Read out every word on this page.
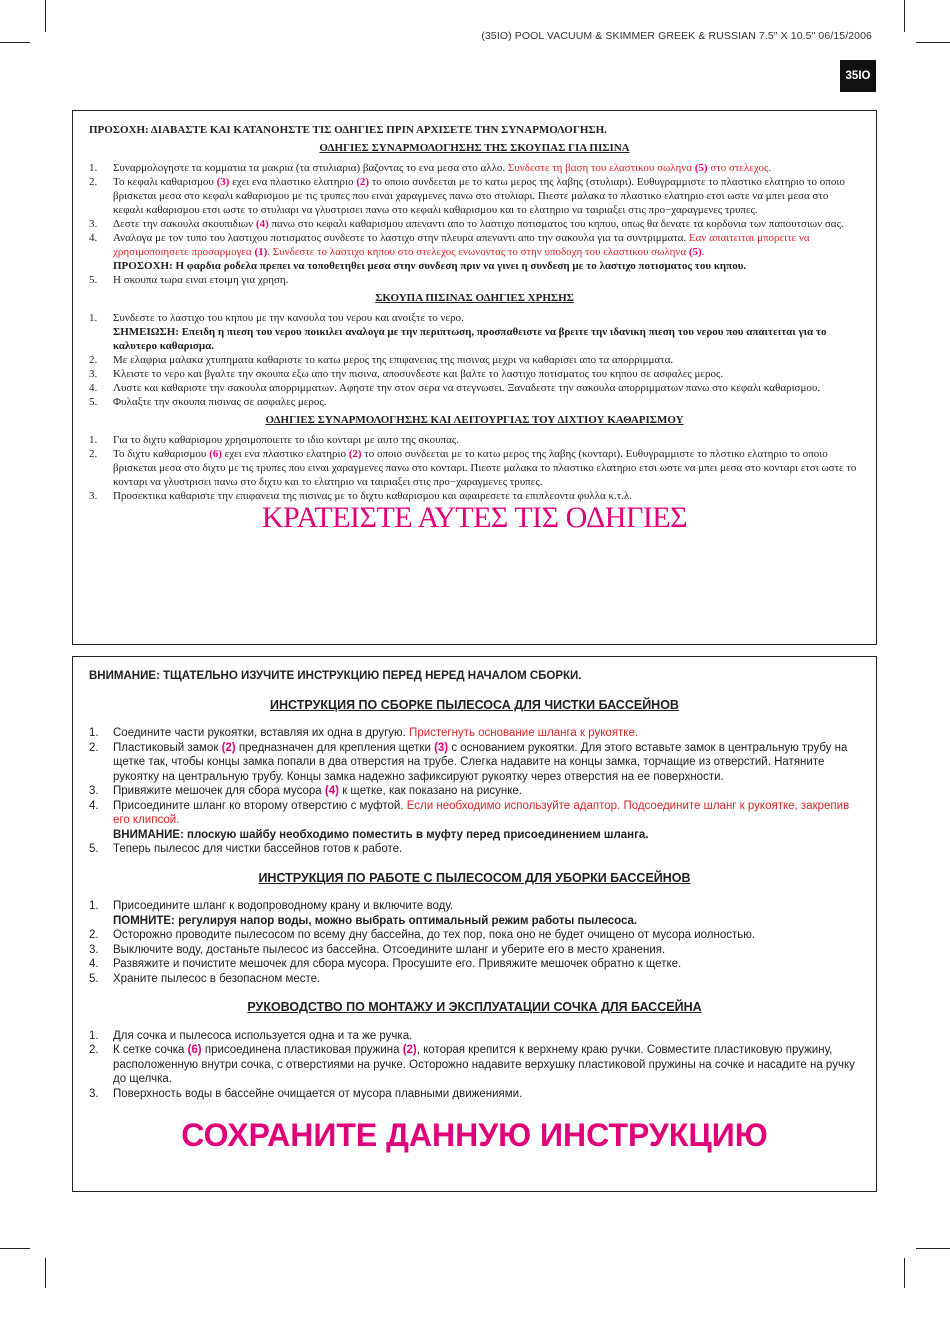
(35IO) POOL VACUUM & SKIMMER GREEK & RUSSIAN 7.5" X 10.5" 06/15/2006
35IO
ΠΡΟΣΟΧΗ: ΔΙΑΒΑΣΤΕ ΚΑΙ ΚΑΤΑΝΟΗΣΤΕ ΤΙΣ ΟΔΗΓΙΕΣ ΠΡΙΝ ΑΡΧΙΣΕΤΕ ΤΗΝ ΣΥΝΑΡΜΟΛΟΓΗΣΗ.
ΟΔΗΓΙΕΣ ΣΥΝΑΡΜΟΛΟΓΗΣΗΣ ΤΗΣ ΣΚΟΥΠΑΣ ΓΙΑ ΠΙΣΙΝΑ
1. Συναρμολογηστε τα κομματια τα μακρια (τα στυλιαρια) βαζοντας το ενα μεσα στο αλλο. Συνδεστε τη βαση του ελαστικου σωληνα (5) στο στελεχος.
2. Το κεφαλι καθαρισμου (3) εχει ενα πλαστικο ελατηριο (2) το οποιο συνδεεται με το κατω μερος της λαβης (στυλιαρι). Ευθυγραμμιστε το πλαστικο ελατηριο το οποιο βρισκεται μεσα στο κεφαλι καθαρισμου με τις τρυπες που ειναι χαραγμενες πανω στο στυλιαρι. Πιεστε μαλακα το πλαστικο ελατηριο ετσι ωστε να μπει μεσα στο κεφαλι καθαρισμου ετσι ωστε το στυλιαρι να γλυστρισει πανω στο κεφαλι καθαρισμου και το ελατηριο να ταιριαξει στις προ−χαραγμενες τρυπες.
3. Δεστε την σακουλα σκουπιδιων (4) πανω στο κεφαλι καθαρισμου απεναντι απο το λαστιχο ποτισματος του κηπου, οπως θα δενατε τα κορδονια των παπουτσιων σας.
4. Αναλογα με τον τυπο του λαστιχου ποτισματος συνδεστε το λαστιχο στην πλευρα απεναντι απο την σακουλα για τα συντριμματα. Εαν απαιτειται μπορειτε να χρησιμοποιησετε προσαρμογεα (1). Συνδεστε το λαστιχο κηπου στο στελεχος ενωνοντας το στην υποδοχη του ελαστικου σωληνα (5).
ΠΡΟΣΟΧΗ: Η φαρδια ροδελα πρεπει να τοποθετηθει μεσα στην συνδεση πριν να γινει η συνδεση με το λαστιχο ποτισματος του κηπου.
5. Η σκουπα τωρα ειναι ετοιμη για χρηση.
ΣΚΟΥΠΑ ΠΙΣΙΝΑΣ ΟΔΗΓΙΕΣ ΧΡΗΣΗΣ
1. Συνδεστε το λαστιχο του κηπου με την κανουλα του νερου και ανοιξτε το νερο.
ΣΗΜΕΙΩΣΗ: Επειδη η πιεση του νερου ποικιλει αναλογα με την περιπτωση, προσπαθειστε να βρειτε την ιδανικη πιεση του νερου που απαιτειται για το καλυτερο καθαρισμα.
2. Με ελαφρια μαλακα χτυπηματα καθαριστε το κατω μερος της επιφανειας της πισινας μεχρι να καθαρισει απο τα απορριμματα.
3. Κλειστε το νερο και βγαλτε την σκουπα εξω απο την πισινα, αποσυνδεστε και βαλτε το λαστιχο ποτισματος του κηπου σε ασφαλες μερος.
4. Λυστε και καθαριστε την σακουλα απορριμματων. Αφηστε την στον σερα να στεγνωσει. Ξαναδεστε την σακουλα απορριμματων πανω στο κεφαλι καθαρισμου.
5. Φυλαξτε την σκουπα πισινας σε ασφαλες μερος.
ΟΔΗΓΙΕΣ ΣΥΝΑΡΜΟΛΟΓΗΣΗΣ ΚΑΙ ΛΕΙΤΟΥΡΓΙΑΣ ΤΟΥ ΔΙΧΤΙΟΥ ΚΑΘΑΡΙΣΜΟΥ
1. Για το διχτυ καθαρισμου χρησιμοποιειτε το ιδιο κονταρι με αυτο της σκουπας.
2. Το διχτυ καθαρισμου (6) εχει ενα πλαστικο ελατηριο (2) το οποιο συνδεεται με το κατω μερος της λαβης (κονταρι). Ευθυγραμμιστε το πλστικο ελατηριο το οποιο βρισκεται μεσα στο διχτυ με τις τρυπες που ειναι χαραγμενες πανω στο κονταρι. Πιεστε μαλακα το πλαστικο ελατηριο ετσι ωστε να μπει μεσα στο κονταρι ετσι ωστε το κονταρι να γλυστρισει πανω στο διχτυ και το ελατηριο να ταιριαξει στις προ−χαραγμενες τρυπες.
3. Προσεκτικα καθαριστε την επιφανεια της πισινας με το διχτυ καθαρισμου και αφαιρεσετε τα επιπλεοντα φυλλα κ.τ.λ.
ΚΡΑΤΕΙΣΤΕ ΑΥΤΕΣ ΤΙΣ ΟΔΗΓΙΕΣ
ВНИМАНИЕ: ТЩАТЕЛЬНО ИЗУЧИТЕ ИНСТРУКЦИЮ ПЕРЕД НЕРЕД НАЧАЛОМ СБОРКИ.
ИНСТРУКЦИЯ ПО СБОРКЕ ПЫЛЕСОСА ДЛЯ ЧИСТКИ БАССЕЙНОВ
1. Соедините части рукоятки, вставляя их одна в другую. Пристегнуть основание шланга к рукоятке.
2. Пластиковый замок (2) предназначен для крепления щетки (3) с основанием рукоятки. Для этого вставьте замок в центральную трубу на щетке так, чтобы концы замка попали в два отверстия на трубе. Слегка надавите на концы замка, торчащие из отверстий. Натяните рукоятку на центральную трубу. Концы замка надежно зафиксируют рукоятку через отверстия на ее поверхности.
3. Привяжите мешочек для сбора мусора (4) к щетке, как показано на рисунке.
4. Присоедините шланг ко второму отверстию с муфтой. Если необходимо используйте адаптор. Подсоедините шланг к рукоятке, закрепив его клипсой.
ВНИМАНИЕ: плоскую шайбу необходимо поместить в муфту перед присоединением шланга.
5. Теперь пылесос для чистки бассейнов готов к работе.
ИНСТРУКЦИЯ ПО РАБОТЕ С ПЫЛЕСОСОМ ДЛЯ УБОРКИ БАССЕЙНОВ
1. Присоедините шланг к водопроводному крану и включите воду.
ПОМНИТЕ: регулируя напор воды, можно выбрать оптимальный режим работы пылесоса.
2. Осторожно проводите пылесосом по всему дну бассейна, до тех пор, пока оно не будет очищено от мусора иолностью.
3. Выключите воду, достаньте пылесос из бассейна. Отсоедините шланг и уберите его в место хранения.
4. Развяжите и почистите мешочек для сбора мусора. Просушите его. Привяжите мешочек обратно к щетке.
5. Храните пылесос в безопасном месте.
РУКОВОДСТВО ПО МОНТАЖУ И ЭКСПЛУАТАЦИИ СОЧКА ДЛЯ БАССЕЙНА
1. Для сочка и пылесоса используется одна и та же ручка.
2. К сетке сочка (6) присоединена пластиковая пружина (2), которая крепится к верхнему краю ручки. Совместите пластиковую пружину, расположенную внутри сочка, с отверстиями на ручке. Осторожно надавите верхушку пластиковой пружины на сочке и насадите на ручку до щелчка.
3. Поверхность воды в бассейне очищается от мусора плавными движениями.
СОХРАНИТЕ ДАННУЮ ИНСТРУКЦИЮ
